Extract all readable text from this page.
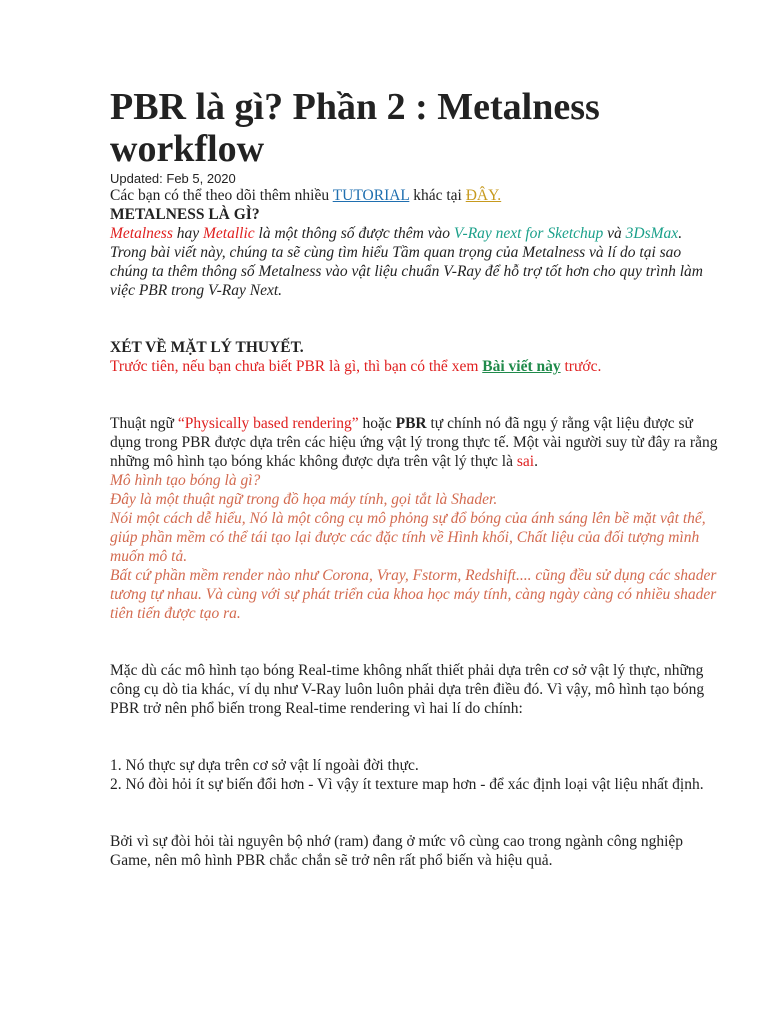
PBR là gì? Phần 2 : Metalness workflow
Updated: Feb 5, 2020

Các bạn có thể theo dõi thêm nhiều TUTORIAL khác tại ĐÂY.

METALNESS LÀ GÌ?

Metalness hay Metallic là một thông số được thêm vào V-Ray next for Sketchup và 3DsMax. Trong bài viết này, chúng ta sẽ cùng tìm hiểu Tầm quan trọng của Metalness và lí do tại sao chúng ta thêm thông số Metalness vào vật liệu chuẩn V-Ray để hỗ trợ tốt hơn cho quy trình làm việc PBR trong V-Ray Next.

XÉT VỀ MẶT LÝ THUYẾT.

Trước tiên, nếu bạn chưa biết PBR là gì, thì bạn có thể xem Bài viết này trước.

Thuật ngữ “Physically based rendering” hoặc PBR tự chính nó đã ngụ ý rằng vật liệu được sử dụng trong PBR được dựa trên các hiệu ứng vật lý trong thực tế. Một vài người suy từ đây ra rằng những mô hình tạo bóng khác không được dựa trên vật lý thực là sai.

Mô hình tạo bóng là gì?

Đây là một thuật ngữ trong đồ họa máy tính, gọi tắt là Shader.

Nói một cách dễ hiểu, Nó là một công cụ mô phỏng sự đổ bóng của ánh sáng lên bề mặt vật thể, giúp phần mềm có thể tái tạo lại được các đặc tính về Hình khối, Chất liệu của đối tượng mình muốn mô tả.

Bất cứ phần mềm render nào như Corona, Vray, Fstorm, Redshift.... cũng đều sử dụng các shader tương tự nhau. Và cùng với sự phát triển của khoa học máy tính, càng ngày càng có nhiều shader tiên tiến được tạo ra.

Mặc dù các mô hình tạo bóng Real-time không nhất thiết phải dựa trên cơ sở vật lý thực, những công cụ dò tia khác, ví dụ như V-Ray luôn luôn phải dựa trên điều đó. Vì vậy, mô hình tạo bóng PBR trở nên phổ biến trong Real-time rendering vì hai lí do chính:

1. Nó thực sự dựa trên cơ sở vật lí ngoài đời thực.

2. Nó đòi hỏi ít sự biến đổi hơn - Vì vậy ít texture map hơn - để xác định loại vật liệu nhất định.

Bởi vì sự đòi hỏi tài nguyên bộ nhớ (ram) đang ở mức vô cùng cao trong ngành công nghiệp Game, nên mô hình PBR chắc chắn sẽ trở nên rất phổ biến và hiệu quả.
